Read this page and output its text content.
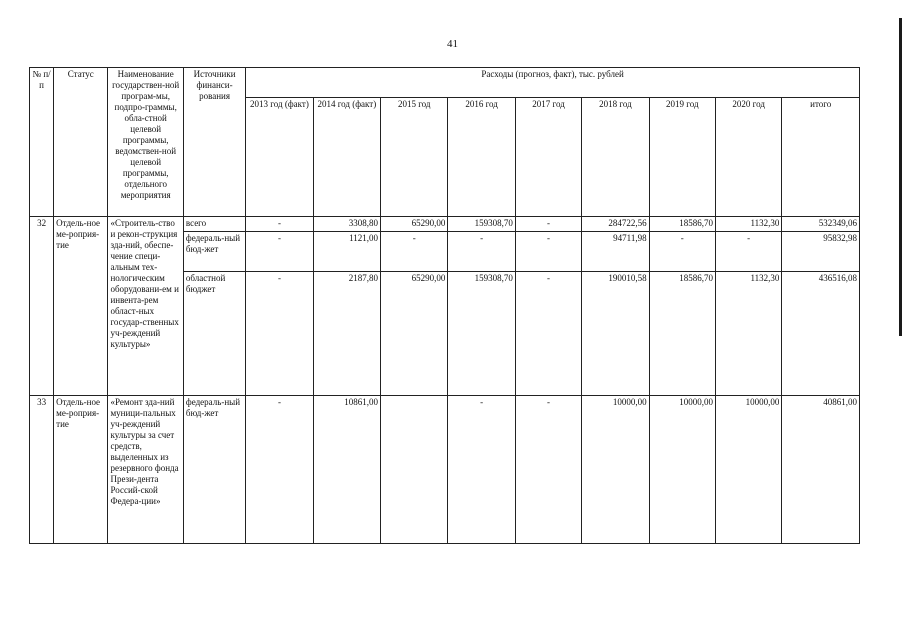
41
№ п/п	Статус	Наименование государствен-ной програм-мы, подпро-граммы, обла-стной целевой программы, ведомствен-ной целевой программы, отдельного мероприятия	Источники финанси-рования	Расходы (прогноз, факт), тыс. рублей								
				2013 год (факт)	2014 год (факт)	2015 год	2016 год	2017 год	2018 год	2019 год	2020 год	итого
32	Отдель-ное ме-роприя-тие	«Строитель-ство и рекон-струкция зда-ний, обеспе-чение специ-альным тех-нологическим оборудовани-ем и инвента-рем област-ных государ-ственных уч-реждений культуры»	всего	-	3308,80	65290,00	159308,70	-	284722,56	18586,70	1132,30	532349,06
			федераль-ный бюд-жет	-	1121,00	-	-	-	94711,98	-	-	95832,98
			областной бюджет	-	2187,80	65290,00	159308,70	-	190010,58	18586,70	1132,30	436516,08
33	Отдель-ное ме-роприя-тие	«Ремонт зда-ний муници-пальных уч-реждений культуры за счет средств, выделенных из резервного фонда Прези-дента Россий-ской Федера-ции»	федераль-ный бюд-жет	-	10861,00		-	-	10000,00	10000,00	10000,00	40861,00
